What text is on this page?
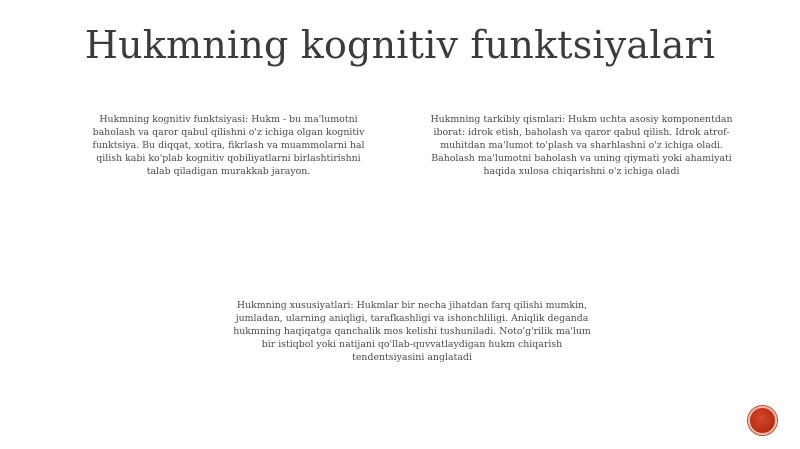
Hukmning kognitiv funktsiyalari
Hukmning kognitiv funktsiyasi: Hukm - bu ma'lumotni baholash va qaror qabul qilishni o'z ichiga olgan kognitiv funktsiya. Bu diqqat, xotira, fikrlash va muammolarni hal qilish kabi ko'plab kognitiv qobiliyatlarni birlashtirishni talab qiladigan murakkab jarayon.
Hukmning tarkibiy qismlari: Hukm uchta asosiy komponentdan iborat: idrok etish, baholash va qaror qabul qilish. Idrok atrof-muhitdan ma'lumot to'plash va sharhlashni o'z ichiga oladi. Baholash ma'lumotni baholash va uning qiymati yoki ahamiyati haqida xulosa chiqarishni o'z ichiga oladi
Hukmning xususiyatlari: Hukmlar bir necha jihatdan farq qilishi mumkin, jumladan, ularning aniqligi, tarafkashligi va ishonchliligi. Aniqlik deganda hukmning haqiqatga qanchalik mos kelishi tushuniladi. Noto'g'rilik ma'lum bir istiqbol yoki natijani qo'llab-quvvatlaydigan hukm chiqarish tendentsiyasini anglatadi
